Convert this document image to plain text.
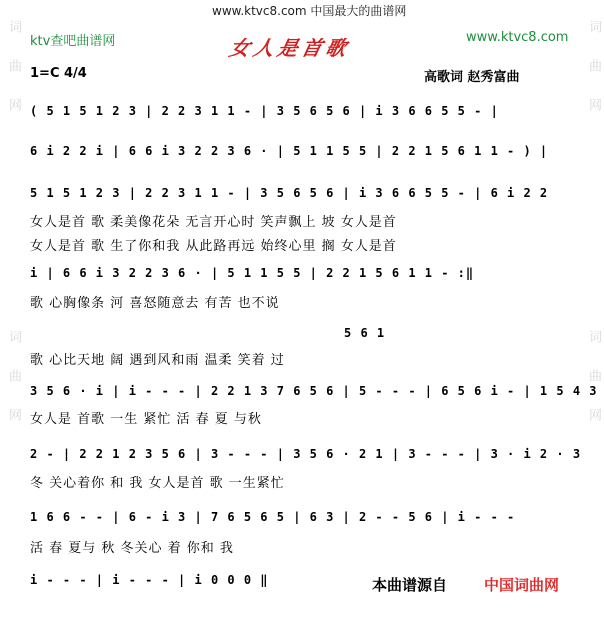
词曲网
词曲网
词曲网
词曲网
ktv查吧曲谱网
www.ktvc8.com 中国最大的曲谱网
www.ktvc8.com
女人是首歌
1=C 4/4	高歌词 赵秀富曲
( 5 1 5 1 2 3 | 2 2 3 1 1 - | 3 5 6 5 6 | i 3 6 6 5 5 - |
6 i 2 2 i | 6 6 i 3 2 2 3 6 · | 5 1 1 5 5 | 2 2 1 5 6 1 1 - ) |
5 1 5 1 2 3 | 2 2 3 1 1 - | 3 5 6 5 6 | i 3 6 6 5 5 - | 6 i 2 2
女人是首 歌 柔美像花朵 无言开心时 笑声飘上 坡 女人是首
女人是首 歌 生了你和我 从此路再远 始终心里 搁 女人是首
i | 6 6 i 3 2 2 3 6 · | 5 1 1 5 5 | 2 2 1 5 6 1 1 - :‖
歌 心胸像条 河 喜怒随意去 有苦 也不说
5 6 1
歌 心比天地 阔 遇到风和雨 温柔 笑着 过
3 5 6 · i | i - - - | 2 2 1 3 7 6 5 6 | 5 - - - | 6 5 6 i - | 1 5 4 3
女人是 首歌 一生 紧忙 活 春 夏 与秋
2 - | 2 2 1 2 3 5 6 | 3 - - - | 3 5 6 · 2 1 | 3 - - - | 3 · i 2 · 3
冬 关心着你 和 我 女人是首 歌 一生紧忙
1 6 6 - - | 6 - i 3 | 7 6 5 6 5 | 6 3 | 2 - - 5 6 | i - - -
活 春 夏与 秋 冬关心 着 你和 我
i - - - | i - - - | i 0 0 0 ‖	本曲谱源自 中国词曲网
